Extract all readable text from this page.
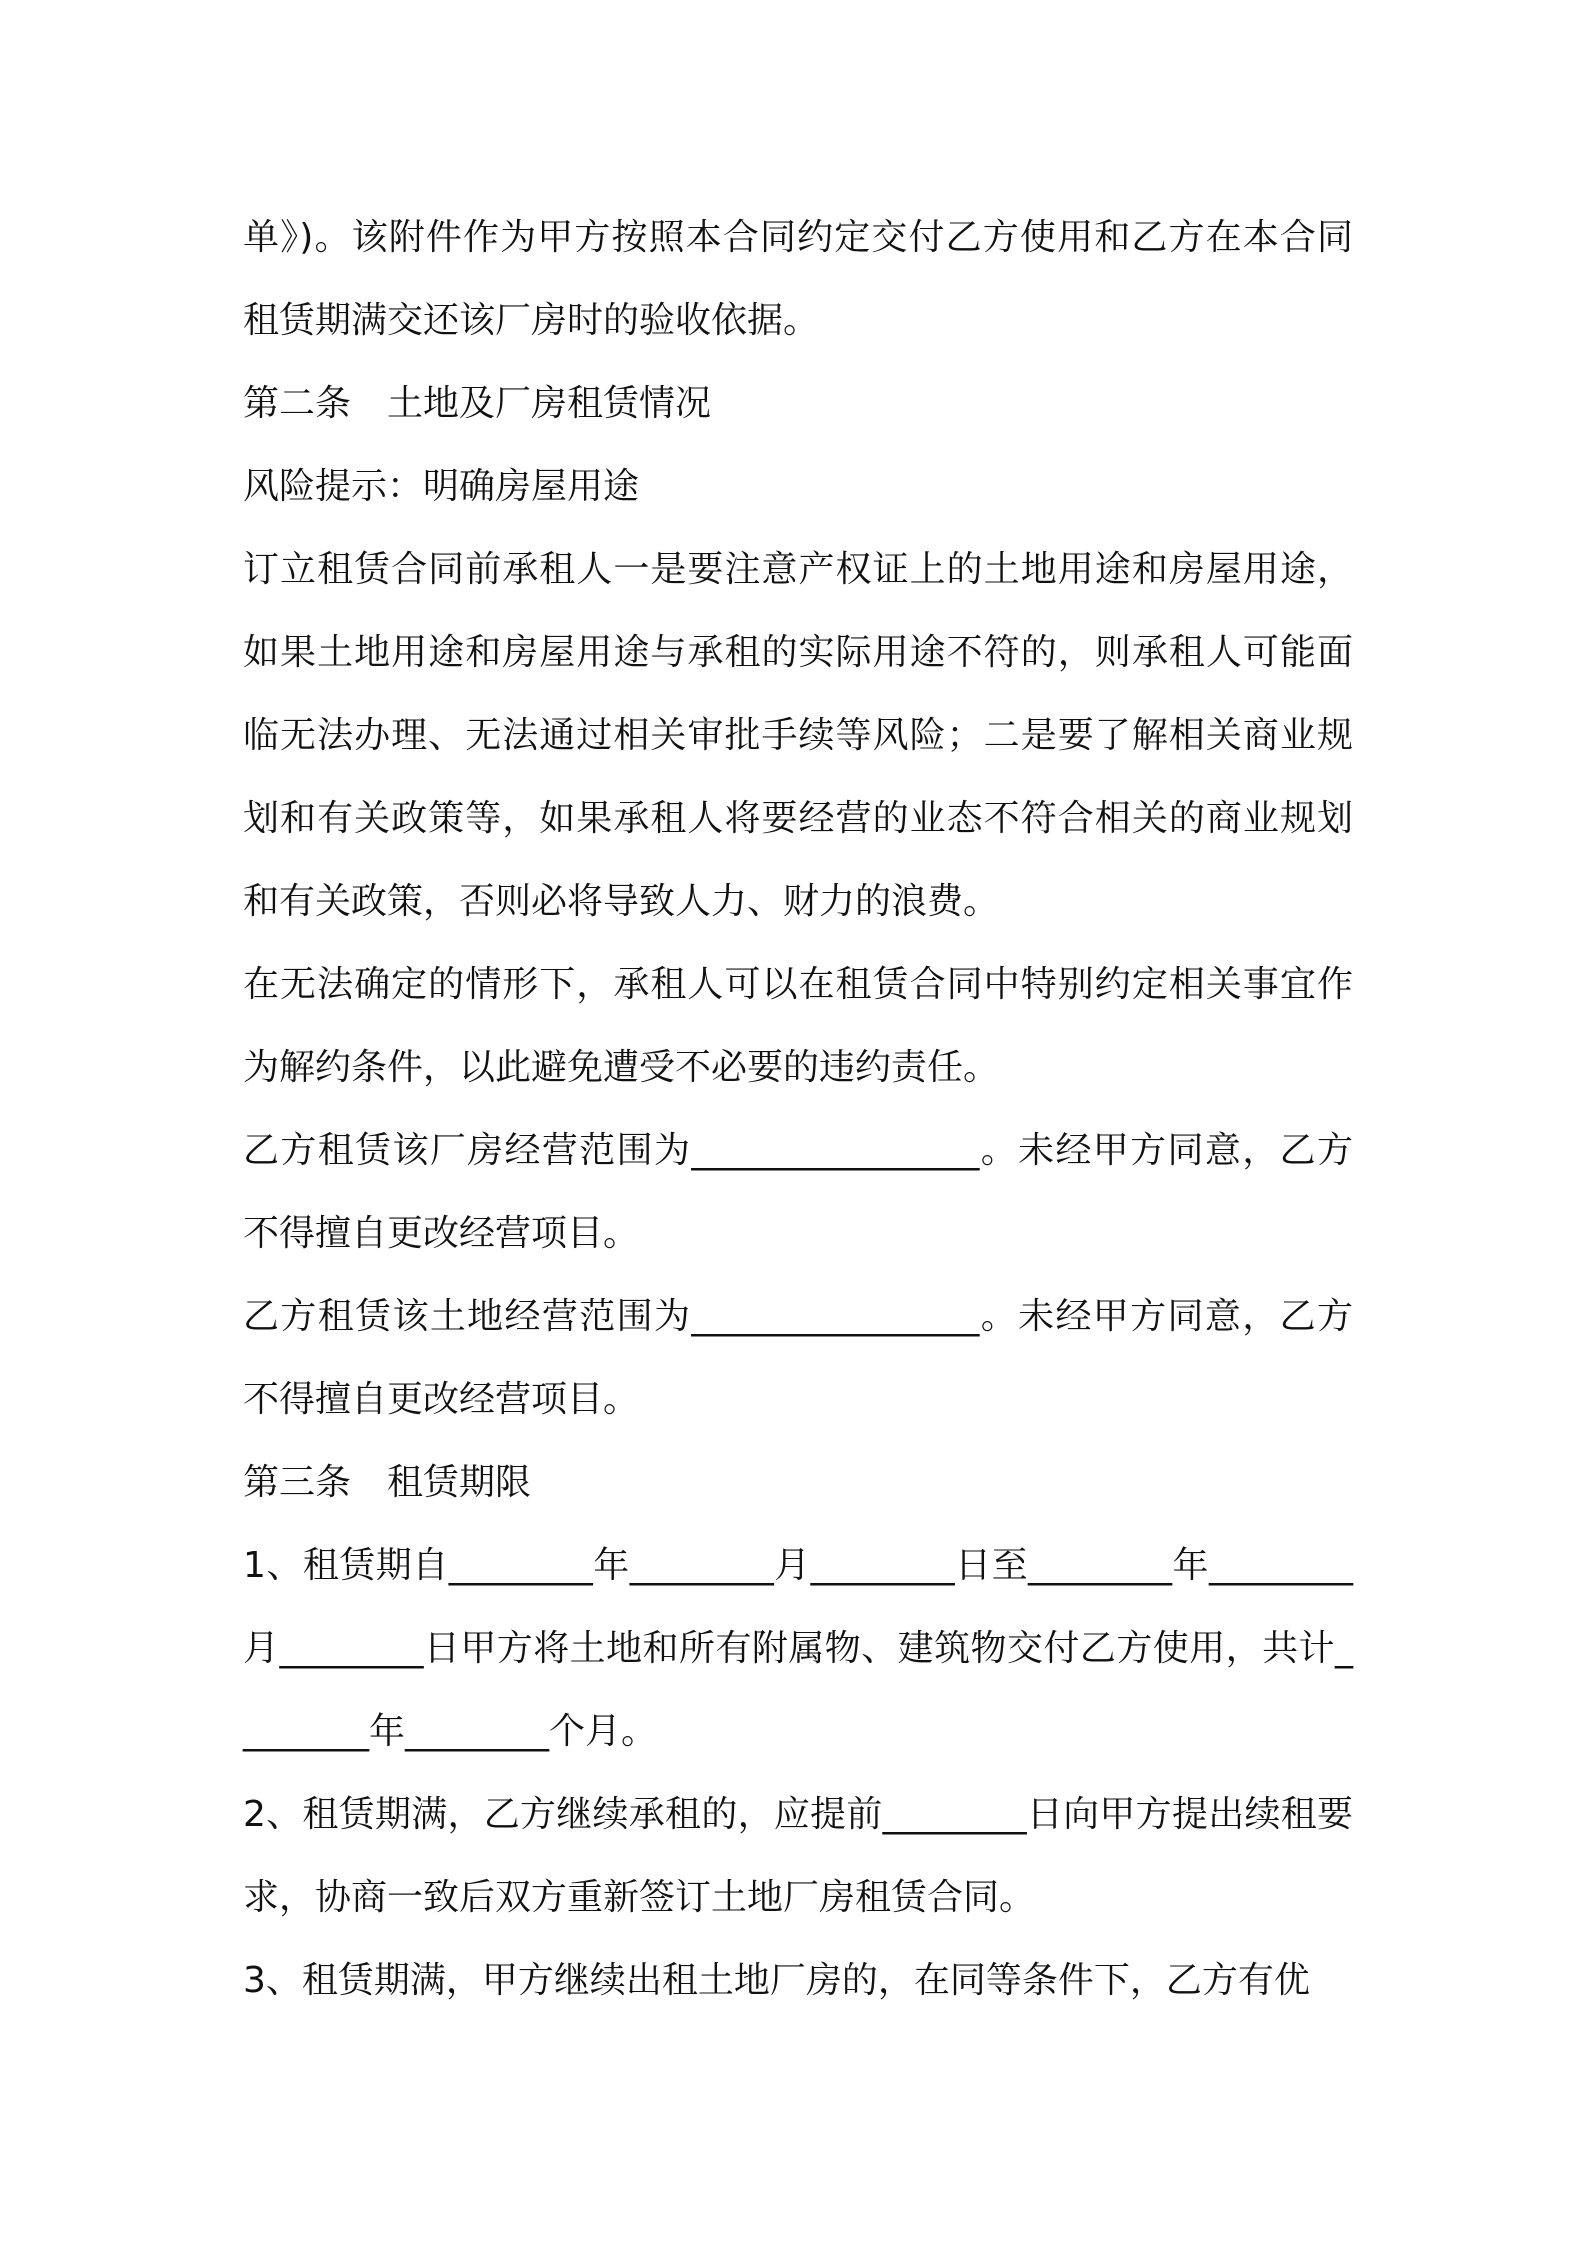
单》)。该附件作为甲方按照本合同约定交付乙方使用和乙方在本合同租赁期满交还该厂房时的验收依据。

第二条　土地及厂房租赁情况

风险提示：明确房屋用途

订立租赁合同前承租人一是要注意产权证上的土地用途和房屋用途，如果土地用途和房屋用途与承租的实际用途不符的，则承租人可能面临无法办理、无法通过相关审批手续等风险；二是要了解相关商业规划和有关政策等，如果承租人将要经营的业态不符合相关的商业规划和有关政策，否则必将导致人力、财力的浪费。

在无法确定的情形下，承租人可以在租赁合同中特别约定相关事宜作为解约条件，以此避免遭受不必要的违约责任。

乙方租赁该厂房经营范围为________________。未经甲方同意，乙方不得擅自更改经营项目。

乙方租赁该土地经营范围为________________。未经甲方同意，乙方不得擅自更改经营项目。

第三条　租赁期限

1、租赁期自________年________月________日至________年________月________日甲方将土地和所有附属物、建筑物交付乙方使用，共计________年________个月。

2、租赁期满，乙方继续承租的，应提前________日向甲方提出续租要求，协商一致后双方重新签订土地厂房租赁合同。

3、租赁期满，甲方继续出租土地厂房的，在同等条件下，乙方有优
